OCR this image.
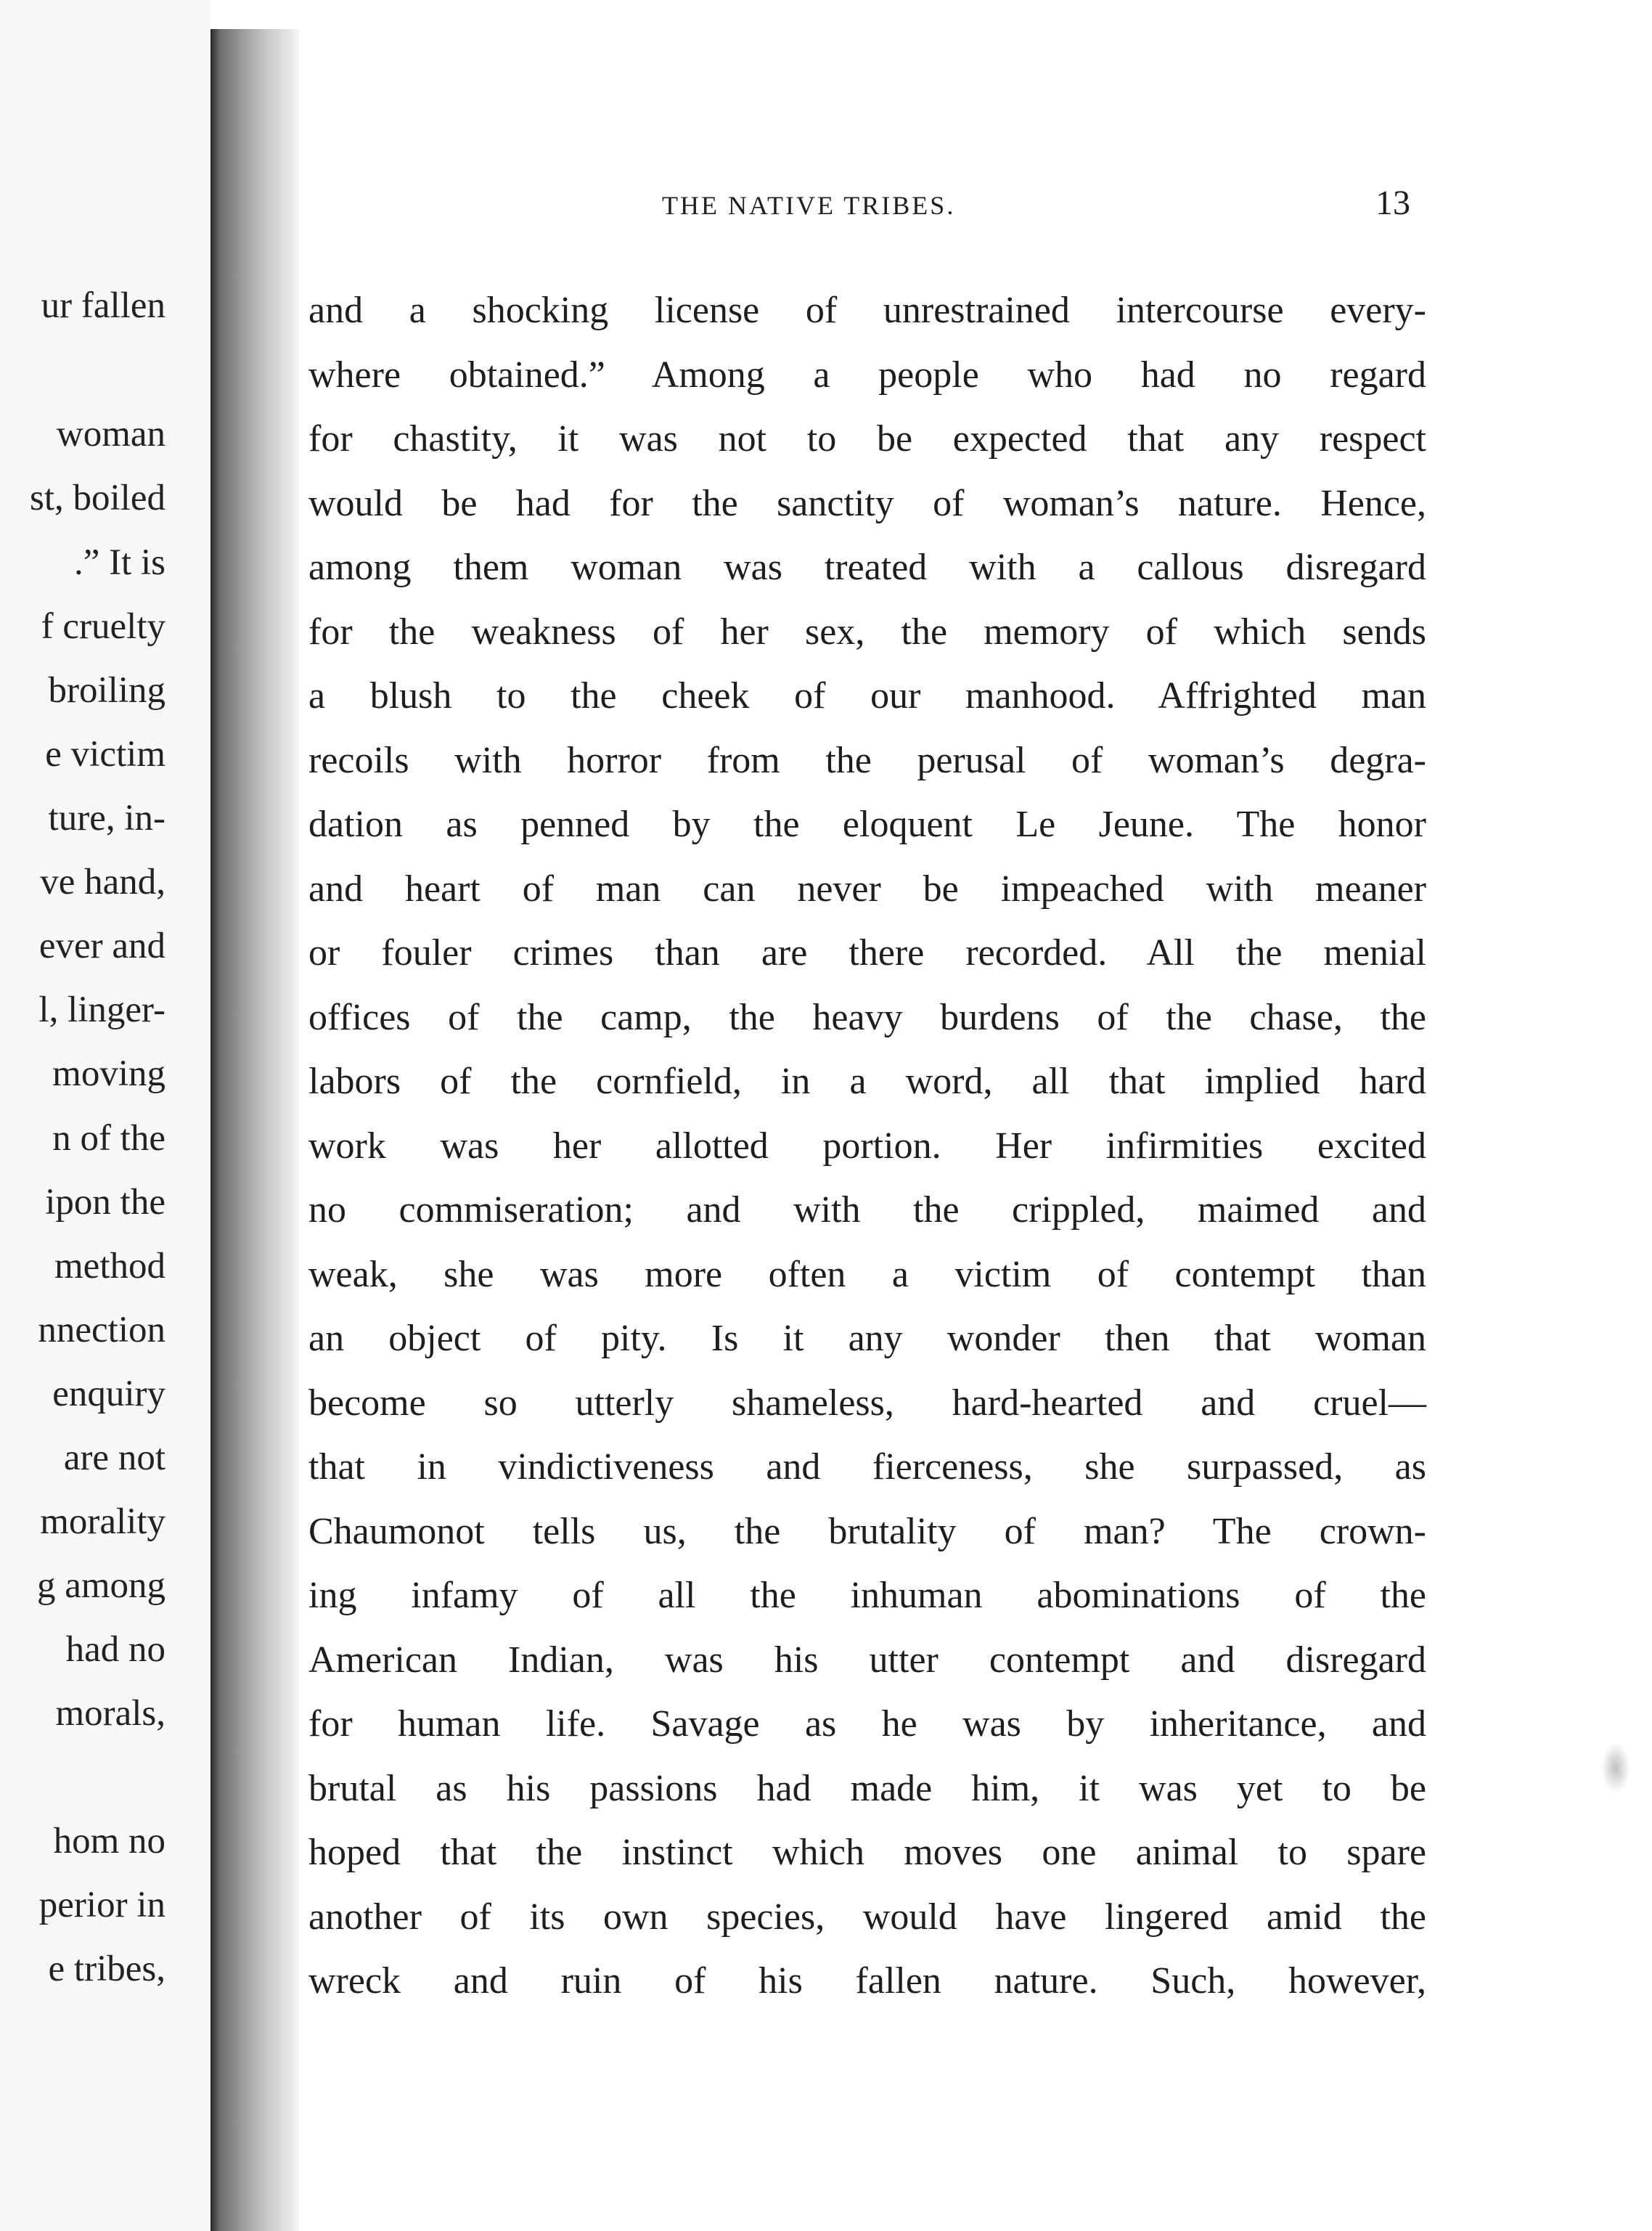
ur fallen
woman
st, boiled
.” It is
f cruelty
broiling
e victim
ture, in-
ve hand,
ever and
l, linger-
moving
n of the
ipon the
method
nnection
enquiry
are not
morality
g among
had no
morals,
hom no
perior in
e tribes,
THE NATIVE TRIBES.	13
and a shocking license of unrestrained intercourse every-
where obtained.” Among a people who had no regard
for chastity, it was not to be expected that any respect
would be had for the sanctity of woman’s nature. Hence,
among them woman was treated with a callous disregard
for the weakness of her sex, the memory of which sends
a blush to the cheek of our manhood. Affrighted man
recoils with horror from the perusal of woman’s degra-
dation as penned by the eloquent Le Jeune. The honor
and heart of man can never be impeached with meaner
or fouler crimes than are there recorded. All the menial
offices of the camp, the heavy burdens of the chase, the
labors of the cornfield, in a word, all that implied hard
work was her allotted portion. Her infirmities excited
no commiseration; and with the crippled, maimed and
weak, she was more often a victim of contempt than
an object of pity. Is it any wonder then that woman
become so utterly shameless, hard-hearted and cruel—
that in vindictiveness and fierceness, she surpassed, as
Chaumonot tells us, the brutality of man? The crown-
ing infamy of all the inhuman abominations of the
American Indian, was his utter contempt and disregard
for human life. Savage as he was by inheritance, and
brutal as his passions had made him, it was yet to be
hoped that the instinct which moves one animal to spare
another of its own species, would have lingered amid the
wreck and ruin of his fallen nature. Such, however,
